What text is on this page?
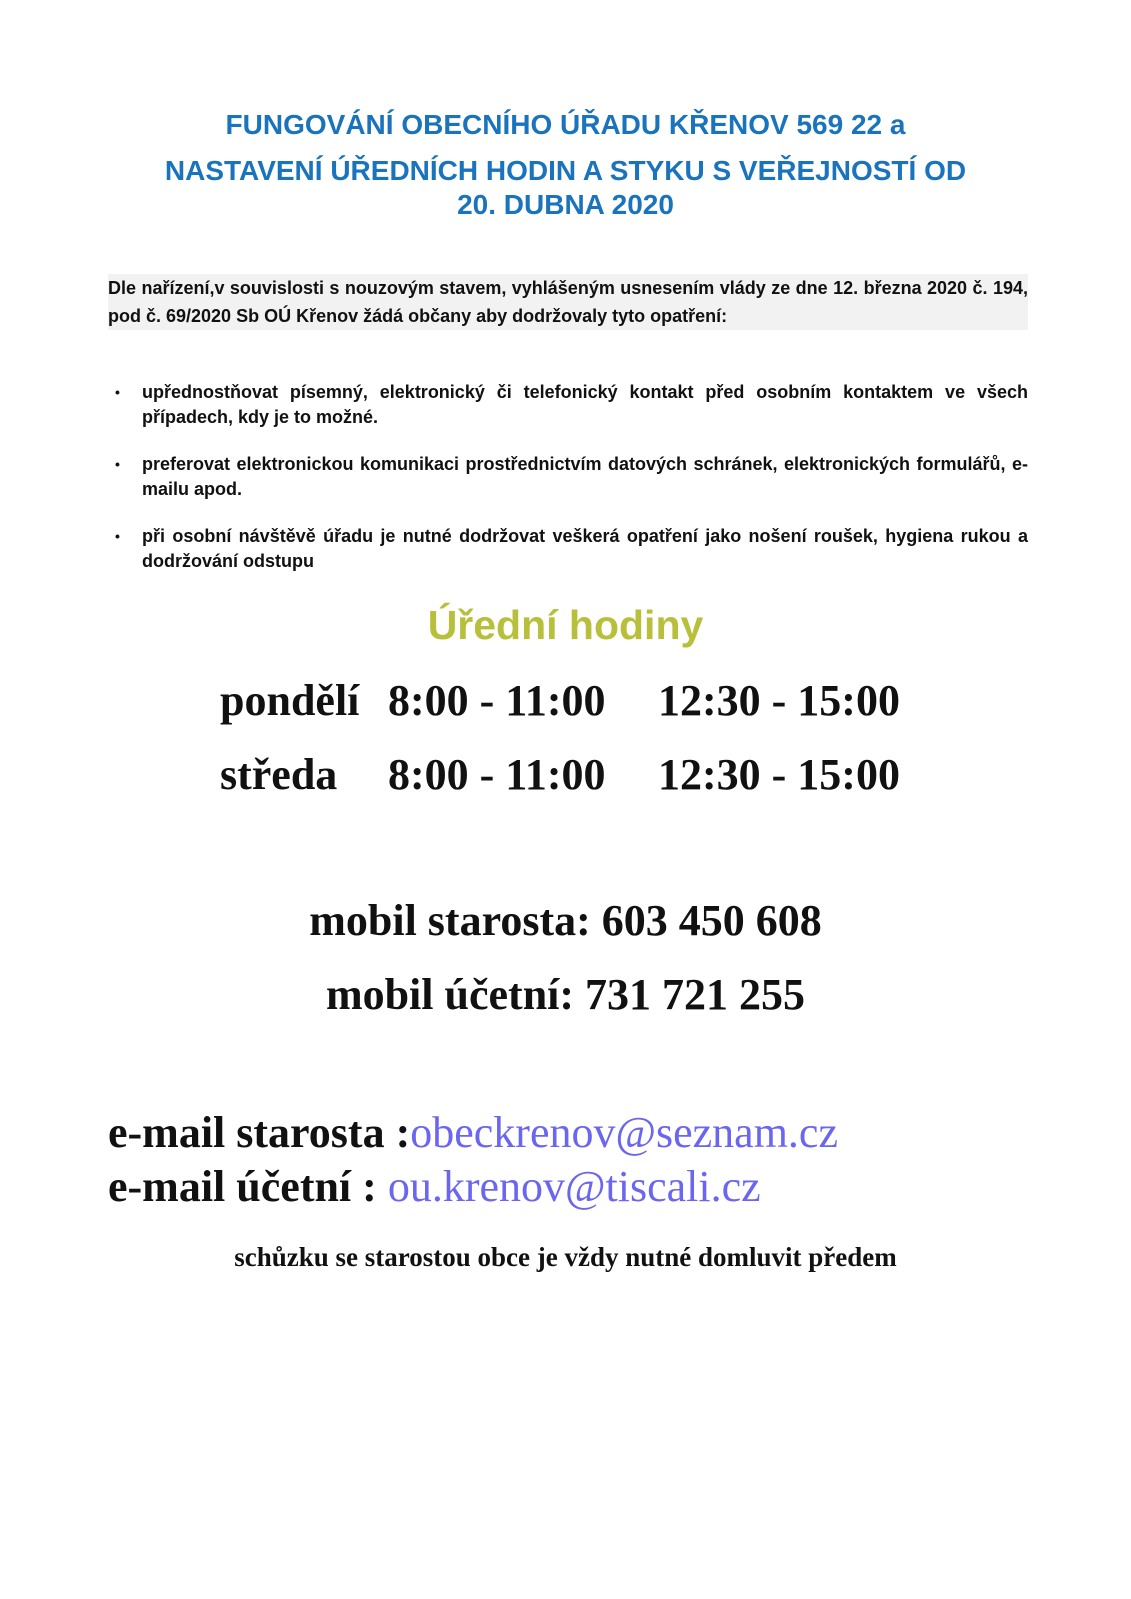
FUNGOVÁNÍ OBECNÍHO ÚŘADU KŘENOV 569 22 a
NASTAVENÍ ÚŘEDNÍCH HODIN A STYKU S VEŘEJNOSTÍ OD
20. DUBNA 2020

Dle nařízení,v souvislosti s nouzovým stavem, vyhlášeným usnesením vlády ze dne 12. března 2020 č. 194, pod č. 69/2020 Sb OÚ Křenov žádá občany aby dodržovaly tyto opatření:

• upřednostňovat písemný, elektronický či telefonický kontakt před osobním kontaktem ve všech případech, kdy je to možné.
• preferovat elektronickou komunikaci prostřednictvím datových schránek, elektronických formulářů, e-mailu apod.
• při osobní návštěvě úřadu je nutné dodržovat veškerá opatření jako nošení roušek, hygiena rukou a dodržování odstupu
Úřední hodiny
pondělí 8:00 - 11:00 12:30 - 15:00
středa 8:00 - 11:00 12:30 - 15:00

mobil starosta: 603 450 608

mobil účetní: 731 721 255

e-mail starosta :obeckrenov@seznam.cz
e-mail účetní : ou.krenov@tiscali.cz

schůzku se starostou obce je vždy nutné domluvit předem
